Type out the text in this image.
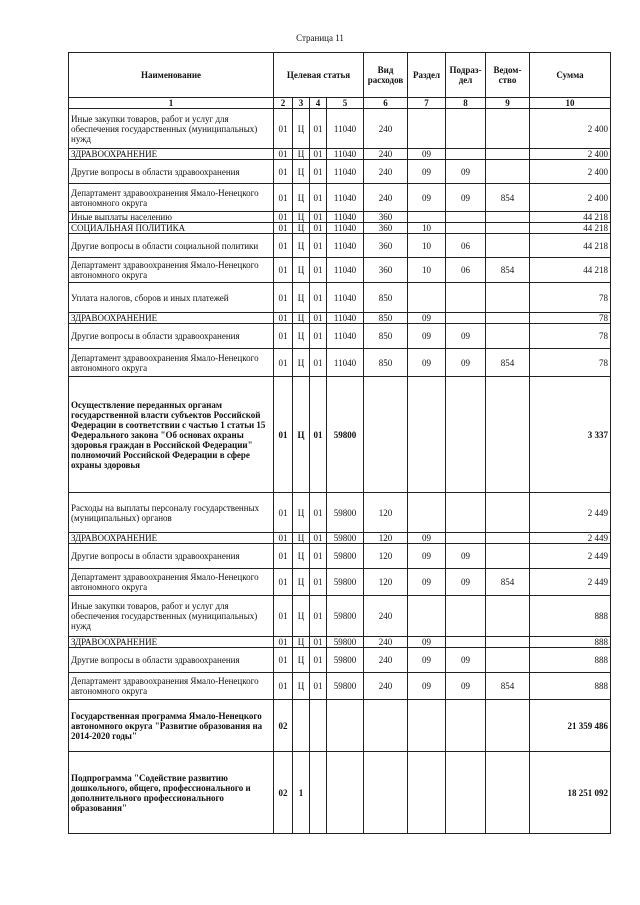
Страница 11
Наименование	Целевая статья				Вид расходов	Раздел	Подраз-дел	Ведом-ство	Сумма
1	2	3	4	5	6	7	8	9	10
Иные закупки товаров, работ и услуг для обеспечения государственных (муниципальных) нужд	01	Ц	01	11040	240				2 400
ЗДРАВООХРАНЕНИЕ	01	Ц	01	11040	240	09			2 400
Другие вопросы в области здравоохранения	01	Ц	01	11040	240	09	09		2 400
Департамент здравоохранения Ямало-Ненецкого автономного округа	01	Ц	01	11040	240	09	09	854	2 400
Иные выплаты населению	01	Ц	01	11040	360				44 218
СОЦИАЛЬНАЯ ПОЛИТИКА	01	Ц	01	11040	360	10			44 218
Другие вопросы в области социальной политики	01	Ц	01	11040	360	10	06		44 218
Департамент здравоохранения Ямало-Ненецкого автономного округа	01	Ц	01	11040	360	10	06	854	44 218
Уплата налогов, сборов и иных платежей	01	Ц	01	11040	850				78
ЗДРАВООХРАНЕНИЕ	01	Ц	01	11040	850	09			78
Другие вопросы в области здравоохранения	01	Ц	01	11040	850	09	09		78
Департамент здравоохранения Ямало-Ненецкого автономного округа	01	Ц	01	11040	850	09	09	854	78
Осуществление переданных органам государственной власти субъектов Российской Федерации в соответствии с частью 1 статьи 15 Федерального закона "Об основах охраны здоровья граждан в Российской Федерации" полномочий Российской Федерации в сфере охраны здоровья	01	Ц	01	59800					3 337
Расходы на выплаты персоналу государственных (муниципальных) органов	01	Ц	01	59800	120				2 449
ЗДРАВООХРАНЕНИЕ	01	Ц	01	59800	120	09			2 449
Другие вопросы в области здравоохранения	01	Ц	01	59800	120	09	09		2 449
Департамент здравоохранения Ямало-Ненецкого автономного округа	01	Ц	01	59800	120	09	09	854	2 449
Иные закупки товаров, работ и услуг для обеспечения государственных (муниципальных) нужд	01	Ц	01	59800	240				888
ЗДРАВООХРАНЕНИЕ	01	Ц	01	59800	240	09			888
Другие вопросы в области здравоохранения	01	Ц	01	59800	240	09	09		888
Департамент здравоохранения Ямало-Ненецкого автономного округа	01	Ц	01	59800	240	09	09	854	888
Государственная программа Ямало-Ненецкого автономного округа "Развитие образования на 2014-2020 годы"	02								21 359 486
Подпрограмма "Содействие развитию дошкольного, общего, профессионального и дополнительного профессионального образования"	02	1							18 251 092
